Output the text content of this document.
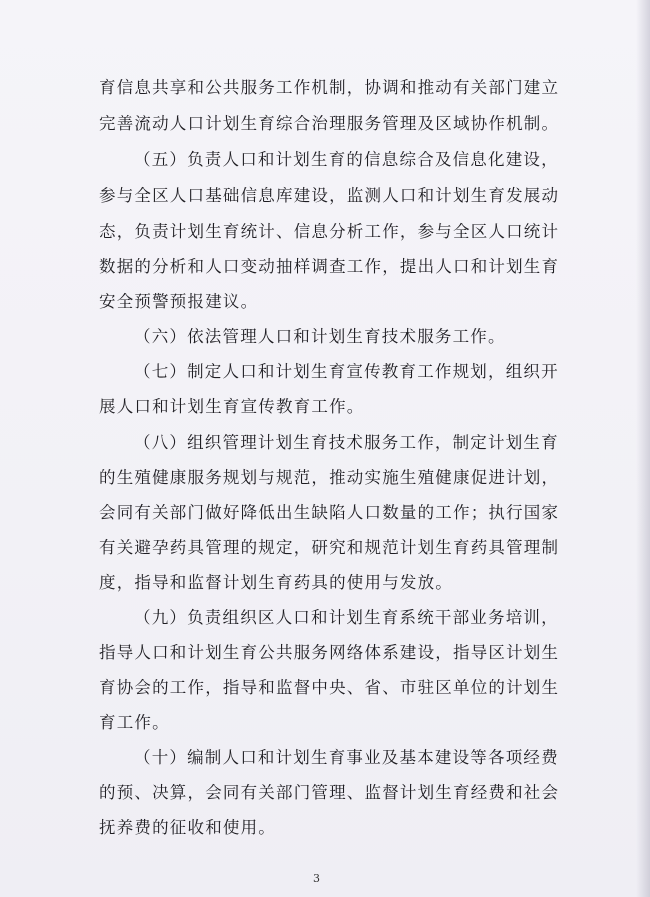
育信息共享和公共服务工作机制，协调和推动有关部门建立
完善流动人口计划生育综合治理服务管理及区域协作机制。
（五）负责人口和计划生育的信息综合及信息化建设，
参与全区人口基础信息库建设，监测人口和计划生育发展动
态，负责计划生育统计、信息分析工作，参与全区人口统计
数据的分析和人口变动抽样调查工作，提出人口和计划生育
安全预警预报建议。
（六）依法管理人口和计划生育技术服务工作。
（七）制定人口和计划生育宣传教育工作规划，组织开
展人口和计划生育宣传教育工作。
（八）组织管理计划生育技术服务工作，制定计划生育
的生殖健康服务规划与规范，推动实施生殖健康促进计划，
会同有关部门做好降低出生缺陷人口数量的工作；执行国家
有关避孕药具管理的规定，研究和规范计划生育药具管理制
度，指导和监督计划生育药具的使用与发放。
（九）负责组织区人口和计划生育系统干部业务培训，
指导人口和计划生育公共服务网络体系建设，指导区计划生
育协会的工作，指导和监督中央、省、市驻区单位的计划生
育工作。
（十）编制人口和计划生育事业及基本建设等各项经费
的预、决算，会同有关部门管理、监督计划生育经费和社会
抚养费的征收和使用。
3
